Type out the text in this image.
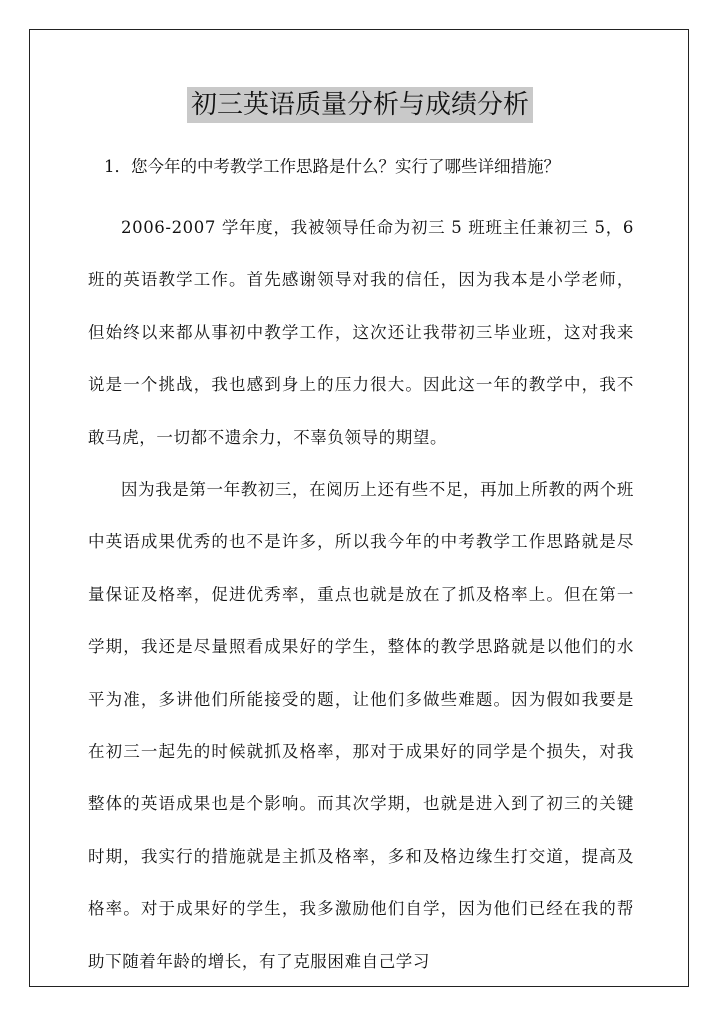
初三英语质量分析与成绩分析

1．您今年的中考教学工作思路是什么？实行了哪些详细措施？

2006-2007 学年度，我被领导任命为初三 5 班班主任兼初三 5，6 班的英语教学工作。首先感谢领导对我的信任，因为我本是小学老师，但始终以来都从事初中教学工作，这次还让我带初三毕业班，这对我来说是一个挑战，我也感到身上的压力很大。因此这一年的教学中，我不敢马虎，一切都不遗余力，不辜负领导的期望。

因为我是第一年教初三，在阅历上还有些不足，再加上所教的两个班中英语成果优秀的也不是许多，所以我今年的中考教学工作思路就是尽量保证及格率，促进优秀率，重点也就是放在了抓及格率上。但在第一学期，我还是尽量照看成果好的学生，整体的教学思路就是以他们的水平为准，多讲他们所能接受的题，让他们多做些难题。因为假如我要是在初三一起先的时候就抓及格率，那对于成果好的同学是个损失，对我整体的英语成果也是个影响。而其次学期，也就是进入到了初三的关键时期，我实行的措施就是主抓及格率，多和及格边缘生打交道，提高及格率。对于成果好的学生，我多激励他们自学，因为他们已经在我的帮助下随着年龄的增长，有了克服困难自己学习
